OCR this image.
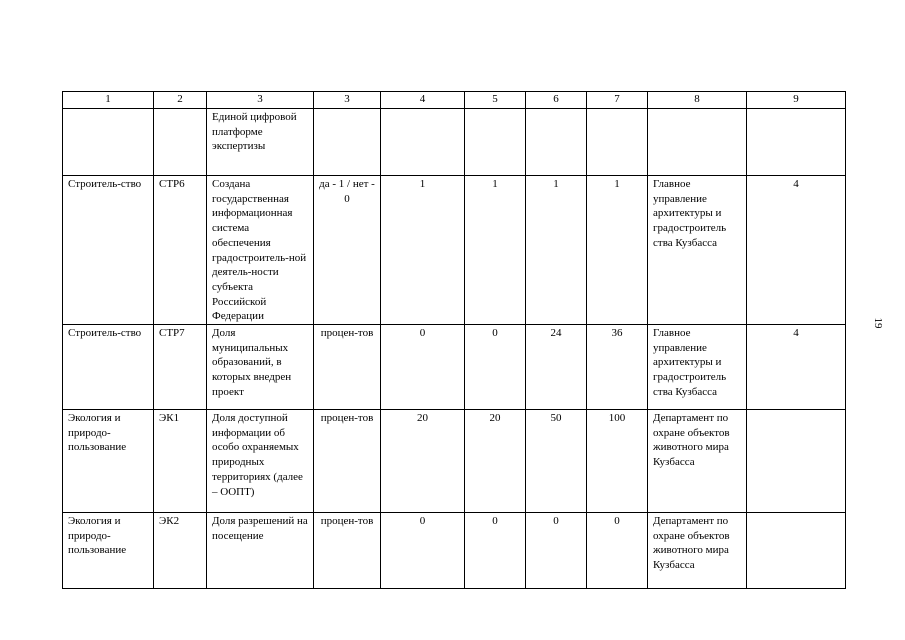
1	2	3	3	4	5	6	7	8	9
		Единой цифровой платформе экспертизы							
Строитель-ство	СТР6	Создана государственная информационная система обеспечения градостроитель-ной деятель-ности субъекта Российской Федерации	да - 1 / нет - 0	1	1	1	1	Главное управление архитектуры и градостроитель ства Кузбасса	4
Строитель-ство	СТР7	Доля муниципальных образований, в которых внедрен проект	процен-тов	0	0	24	36	Главное управление архитектуры и градостроитель ства Кузбасса	4
Экология и природо-пользование	ЭК1	Доля доступной информации об особо охраняемых природных территориях (далее – ООПТ)	процен-тов	20	20	50	100	Департамент по охране объектов животного мира Кузбасса	
Экология и природо-пользование	ЭК2	Доля разрешений на посещение	процен-тов	0	0	0	0	Департамент по охране объектов животного мира Кузбасса	
19
